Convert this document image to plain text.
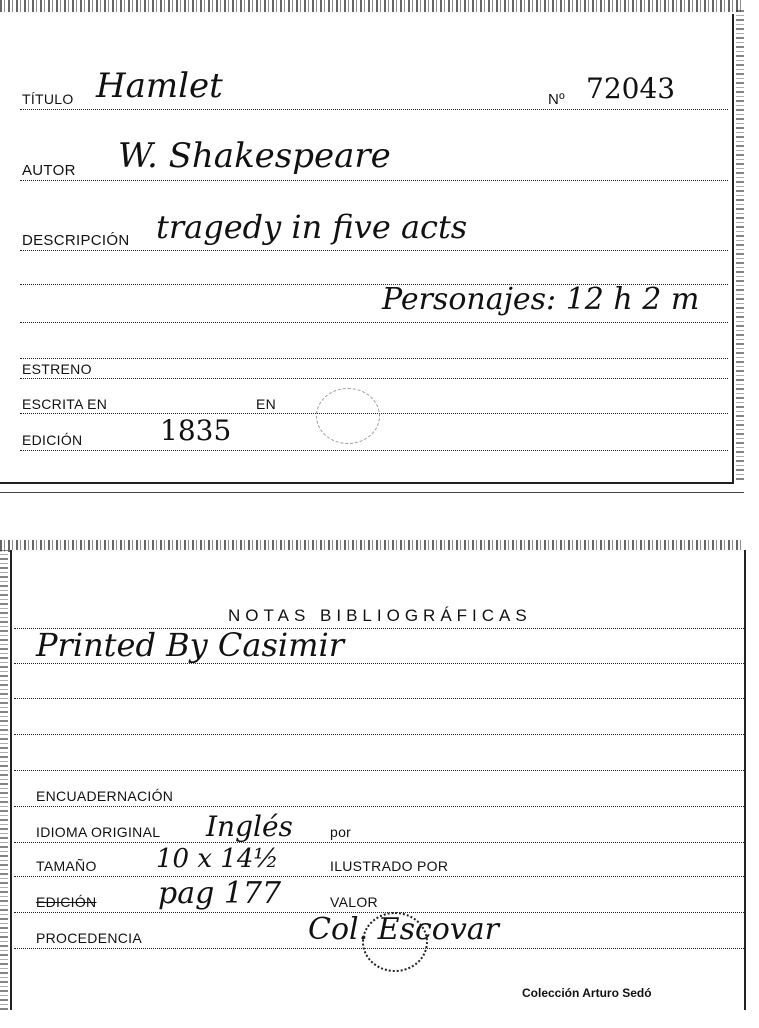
TÍTULO Hamlet	Nº 72043
AUTOR W. Shakespeare
DESCRIPCIÓN tragedy in five acts
Personajes: 12 h 2 m
ESTRENO
ESCRITA EN	EN
EDICIÓN	1835
NOTAS BIBLIOGRÁFICAS
Printed By Casimir
ENCUADERNACIÓN
IDIOMA ORIGINAL Inglés	por
TAMAÑO 10 x 14½	ILUSTRADO POR
EDICIÓN pag 177	VALOR
PROCEDENCIA	Col. Escovar
Colección Arturo Sedó
